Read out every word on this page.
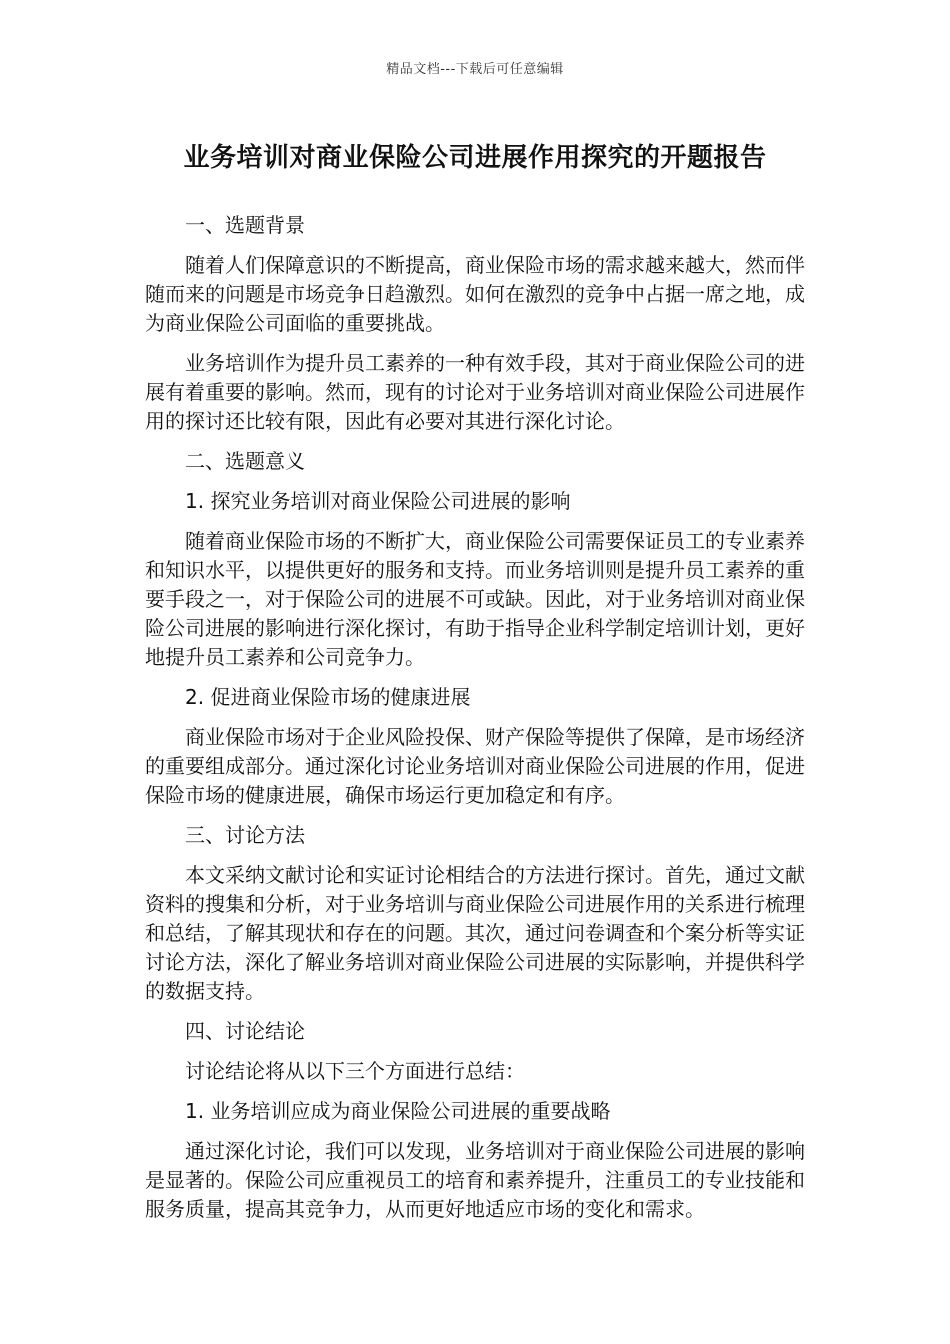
精品文档---下载后可任意编辑
业务培训对商业保险公司进展作用探究的开题报告
一、选题背景
随着人们保障意识的不断提高，商业保险市场的需求越来越大，然而伴随而来的问题是市场竞争日趋激烈。如何在激烈的竞争中占据一席之地，成为商业保险公司面临的重要挑战。
业务培训作为提升员工素养的一种有效手段，其对于商业保险公司的进展有着重要的影响。然而，现有的讨论对于业务培训对商业保险公司进展作用的探讨还比较有限，因此有必要对其进行深化讨论。
二、选题意义
1. 探究业务培训对商业保险公司进展的影响
随着商业保险市场的不断扩大，商业保险公司需要保证员工的专业素养和知识水平，以提供更好的服务和支持。而业务培训则是提升员工素养的重要手段之一，对于保险公司的进展不可或缺。因此，对于业务培训对商业保险公司进展的影响进行深化探讨，有助于指导企业科学制定培训计划，更好地提升员工素养和公司竞争力。
2. 促进商业保险市场的健康进展
商业保险市场对于企业风险投保、财产保险等提供了保障，是市场经济的重要组成部分。通过深化讨论业务培训对商业保险公司进展的作用，促进保险市场的健康进展，确保市场运行更加稳定和有序。
三、讨论方法
本文采纳文献讨论和实证讨论相结合的方法进行探讨。首先，通过文献资料的搜集和分析，对于业务培训与商业保险公司进展作用的关系进行梳理和总结，了解其现状和存在的问题。其次，通过问卷调查和个案分析等实证讨论方法，深化了解业务培训对商业保险公司进展的实际影响，并提供科学的数据支持。
四、讨论结论
讨论结论将从以下三个方面进行总结：
1. 业务培训应成为商业保险公司进展的重要战略
通过深化讨论，我们可以发现，业务培训对于商业保险公司进展的影响是显著的。保险公司应重视员工的培育和素养提升，注重员工的专业技能和服务质量，提高其竞争力，从而更好地适应市场的变化和需求。
